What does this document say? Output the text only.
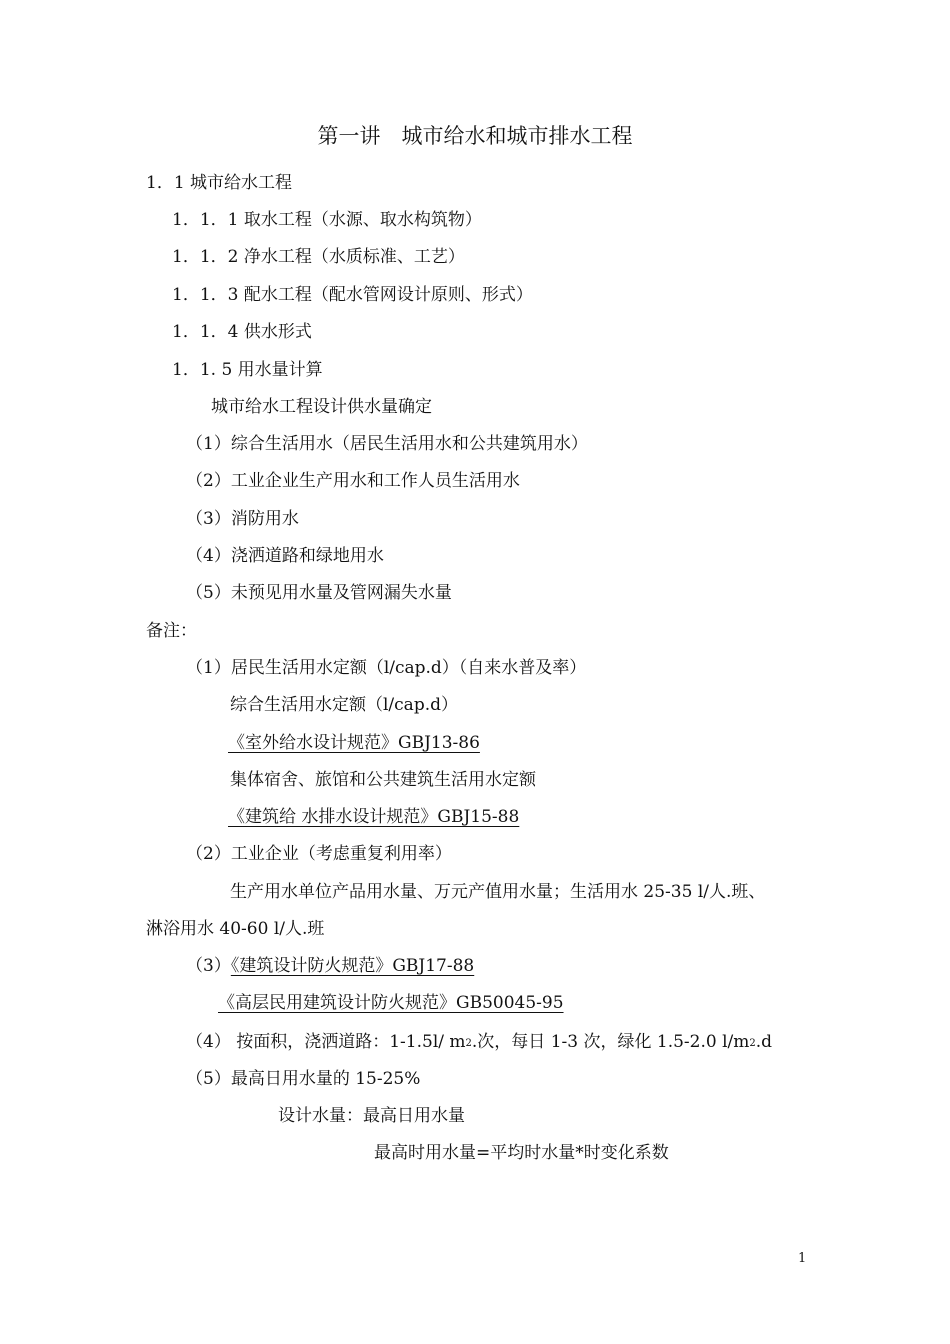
第一讲　城市给水和城市排水工程
1．1 城市给水工程
1．1．1 取水工程（水源、取水构筑物）
1．1．2 净水工程（水质标准、工艺）
1．1．3 配水工程（配水管网设计原则、形式）
1．1．4 供水形式
1．1. 5 用水量计算
城市给水工程设计供水量确定
（1）综合生活用水（居民生活用水和公共建筑用水）
（2）工业企业生产用水和工作人员生活用水
（3）消防用水
（4）浇洒道路和绿地用水
（5）未预见用水量及管网漏失水量
备注：
（1）居民生活用水定额（l/cap.d）（自来水普及率）
综合生活用水定额（l/cap.d）
《室外给水设计规范》GBJ13-86
集体宿舍、旅馆和公共建筑生活用水定额
《建筑给 水排水设计规范》GBJ15-88
（2）工业企业（考虑重复利用率）
生产用水单位产品用水量、万元产值用水量；生活用水 25-35 l/人.班、
淋浴用水 40-60 l/人.班
（3）《建筑设计防火规范》GBJ17-88
《高层民用建筑设计防火规范》GB50045-95
（4） 按面积，浇洒道路：1-1.5l/ m2.次，每日 1-3 次，绿化 1.5-2.0 l/m2.d
（5）最高日用水量的 15-25%
设计水量：最高日用水量
最高时用水量=平均时水量*时变化系数
1
